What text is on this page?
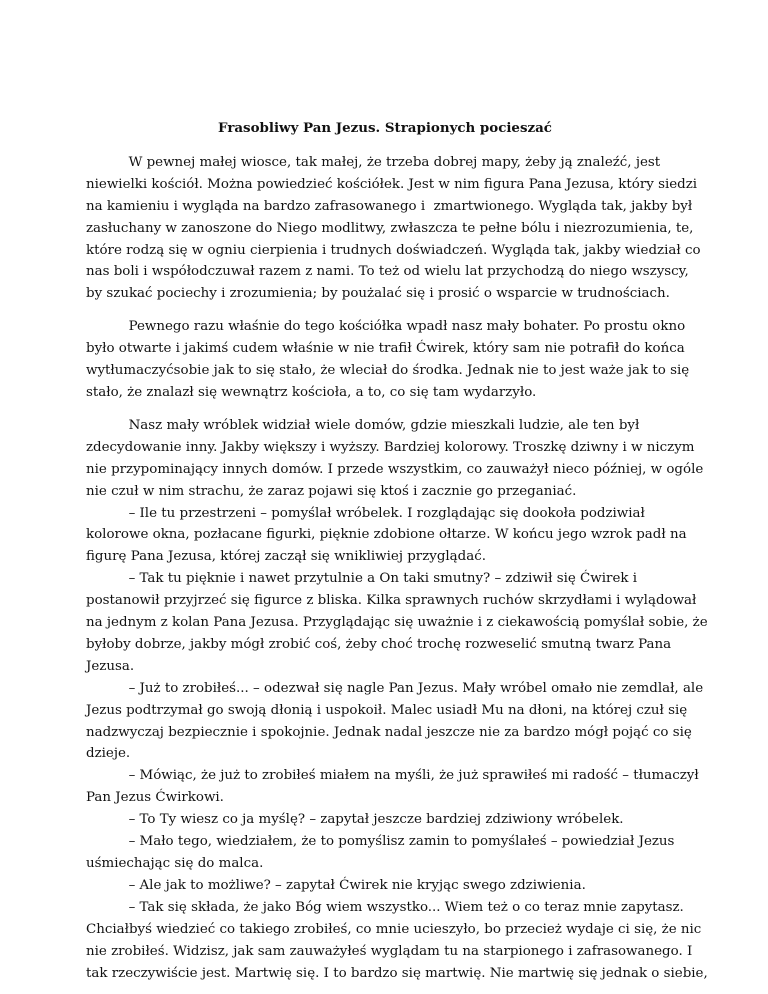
Frasobliwy Pan Jezus. Strapionych pocieszać
W pewnej małej wiosce, tak małej, że trzeba dobrej mapy, żeby ją znaleźć, jest
niewielki kościół. Można powiedzieć kościółek. Jest w nim figura Pana Jezusa, który siedzi
na kamieniu i wygląda na bardzo zafrasowanego i  zmartwionego. Wygląda tak, jakby był
zasłuchany w zanoszone do Niego modlitwy, zwłaszcza te pełne bólu i niezrozumienia, te,
które rodzą się w ogniu cierpienia i trudnych doświadczeń. Wygląda tak, jakby wiedział co
nas boli i współodczuwał razem z nami. To też od wielu lat przychodzą do niego wszyscy,
by szukać pociechy i zrozumienia; by poużalać się i prosić o wsparcie w trudnościach.
Pewnego razu właśnie do tego kościółka wpadł nasz mały bohater. Po prostu okno
było otwarte i jakimś cudem właśnie w nie trafił Ćwirek, który sam nie potrafił do końca
wytłumaczyćsobie jak to się stało, że wleciał do środka. Jednak nie to jest waże jak to się
stało, że znalazł się wewnątrz kościoła, a to, co się tam wydarzyło.
Nasz mały wróblek widział wiele domów, gdzie mieszkali ludzie, ale ten był
zdecydowanie inny. Jakby większy i wyższy. Bardziej kolorowy. Troszkę dziwny i w niczym
nie przypominający innych domów. I przede wszystkim, co zauważył nieco później, w ogóle
nie czuł w nim strachu, że zaraz pojawi się ktoś i zacznie go przeganiać.
– Ile tu przestrzeni – pomyślał wróbelek. I rozglądając się dookoła podziwiał
kolorowe okna, pozłacane figurki, pięknie zdobione ołtarze. W końcu jego wzrok padł na
figurę Pana Jezusa, której zaczął się wnikliwiej przyglądać.
– Tak tu pięknie i nawet przytulnie a On taki smutny? – zdziwił się Ćwirek i
postanowił przyjrzeć się figurce z bliska. Kilka sprawnych ruchów skrzydłami i wylądował
na jednym z kolan Pana Jezusa. Przyglądając się uważnie i z ciekawością pomyślał sobie, że
byłoby dobrze, jakby mógł zrobić coś, żeby choć trochę rozweselić smutną twarz Pana
Jezusa.
– Już to zrobiłeś... – odezwał się nagle Pan Jezus. Mały wróbel omało nie zemdlał, ale
Jezus podtrzymał go swoją dłonią i uspokoił. Malec usiadł Mu na dłoni, na której czuł się
nadzwyczaj bezpiecznie i spokojnie. Jednak nadal jeszcze nie za bardzo mógł pojąć co się
dzieje.
– Mówiąc, że już to zrobiłeś miałem na myśli, że już sprawiłeś mi radość – tłumaczył
Pan Jezus Ćwirkowi.
– To Ty wiesz co ja myślę? – zapytał jeszcze bardziej zdziwiony wróbelek.
– Mało tego, wiedziałem, że to pomyślisz zamin to pomyślałeś – powiedział Jezus
uśmiechając się do malca.
– Ale jak to możliwe? – zapytał Ćwirek nie kryjąc swego zdziwienia.
– Tak się składa, że jako Bóg wiem wszystko... Wiem też o co teraz mnie zapytasz.
Chciałbyś wiedzieć co takiego zrobiłeś, co mnie ucieszyło, bo przecież wydaje ci się, że nic
nie zrobiłeś. Widzisz, jak sam zauważyłeś wyglądam tu na starpionego i zafrasowanego. I
tak rzeczywiście jest. Martwię się. I to bardzo się martwię. Nie martwię się jednak o siebie,
